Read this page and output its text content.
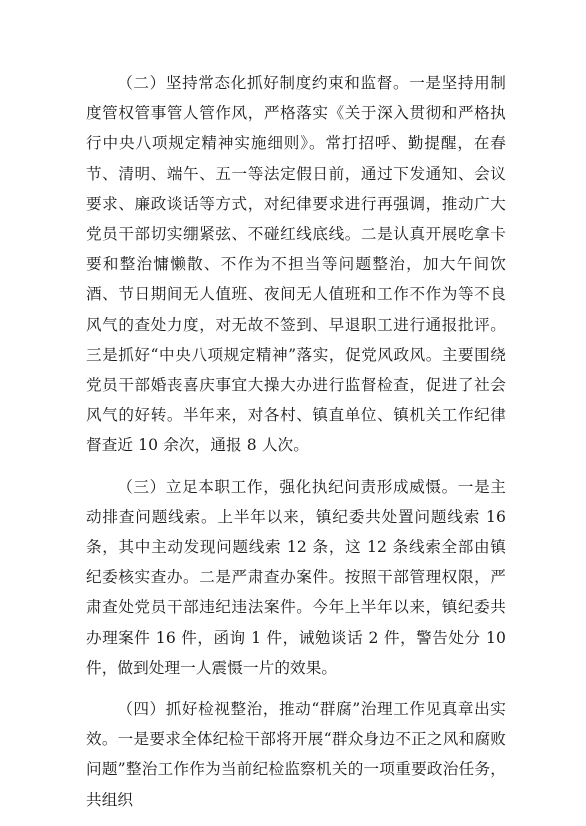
（二）坚持常态化抓好制度约束和监督。一是坚持用制度管权管事管人管作风，严格落实《关于深入贯彻和严格执行中央八项规定精神实施细则》。常打招呼、勤提醒，在春节、清明、端午、五一等法定假日前，通过下发通知、会议要求、廉政谈话等方式，对纪律要求进行再强调，推动广大党员干部切实绷紧弦、不碰红线底线。二是认真开展吃拿卡要和整治慵懒散、不作为不担当等问题整治，加大午间饮酒、节日期间无人值班、夜间无人值班和工作不作为等不良风气的查处力度，对无故不签到、早退职工进行通报批评。三是抓好“中央八项规定精神”落实，促党风政风。主要围绕党员干部婚丧喜庆事宜大操大办进行监督检查，促进了社会风气的好转。半年来，对各村、镇直单位、镇机关工作纪律督查近 10 余次，通报 8 人次。

（三）立足本职工作，强化执纪问责形成威慑。一是主动排查问题线索。上半年以来，镇纪委共处置问题线索 16 条，其中主动发现问题线索 12 条，这 12 条线索全部由镇纪委核实查办。二是严肃查办案件。按照干部管理权限，严肃查处党员干部违纪违法案件。今年上半年以来，镇纪委共办理案件 16 件，函询 1 件，诫勉谈话 2 件，警告处分 10 件，做到处理一人震慑一片的效果。

（四）抓好检视整治，推动“群腐”治理工作见真章出实效。一是要求全体纪检干部将开展“群众身边不正之风和腐败问题”整治工作作为当前纪检监察机关的一项重要政治任务，共组织
